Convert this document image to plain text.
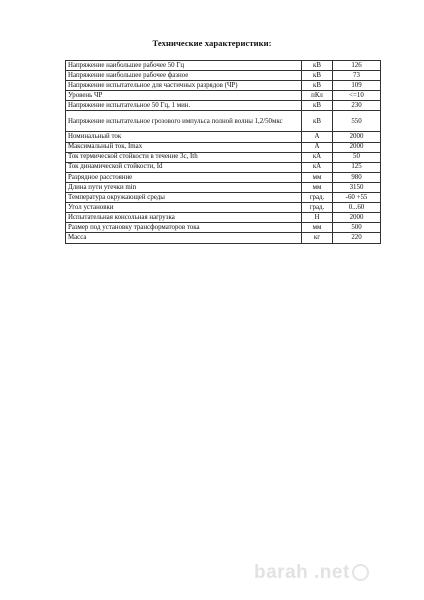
Технические характеристики:
Напряжение наибольшее рабочее 50 Гц	кВ	126
Напряжение наибольшее рабочее фазное	кВ	73
Напряжение испытательное для частичных разрядов (ЧР)	кВ	109
Уровень ЧР	пКл	<=10
Напряжение испытательное 50 Гц, 1 мин.	кВ	230
Напряжение испытательное грозового импульса полной волны 1,2/50мкс	кВ	550
Номинальный ток	А	2000
Максимальный ток, Imax	А	2000
Ток термической стойкости в течение 3с, Ith	кА	50
Ток динамической стойкости, Id	кА	125
Разрядное расстояние	мм	980
Длина пути утечки min	мм	3150
Температура окружающей среды	град.	-60 +55
Угол установки	град.	0...60
Испытательная консольная нагрузка	Н	2000
Размер под установку трансформаторов тока	мм	500
Масса	кг	220
barah .net
